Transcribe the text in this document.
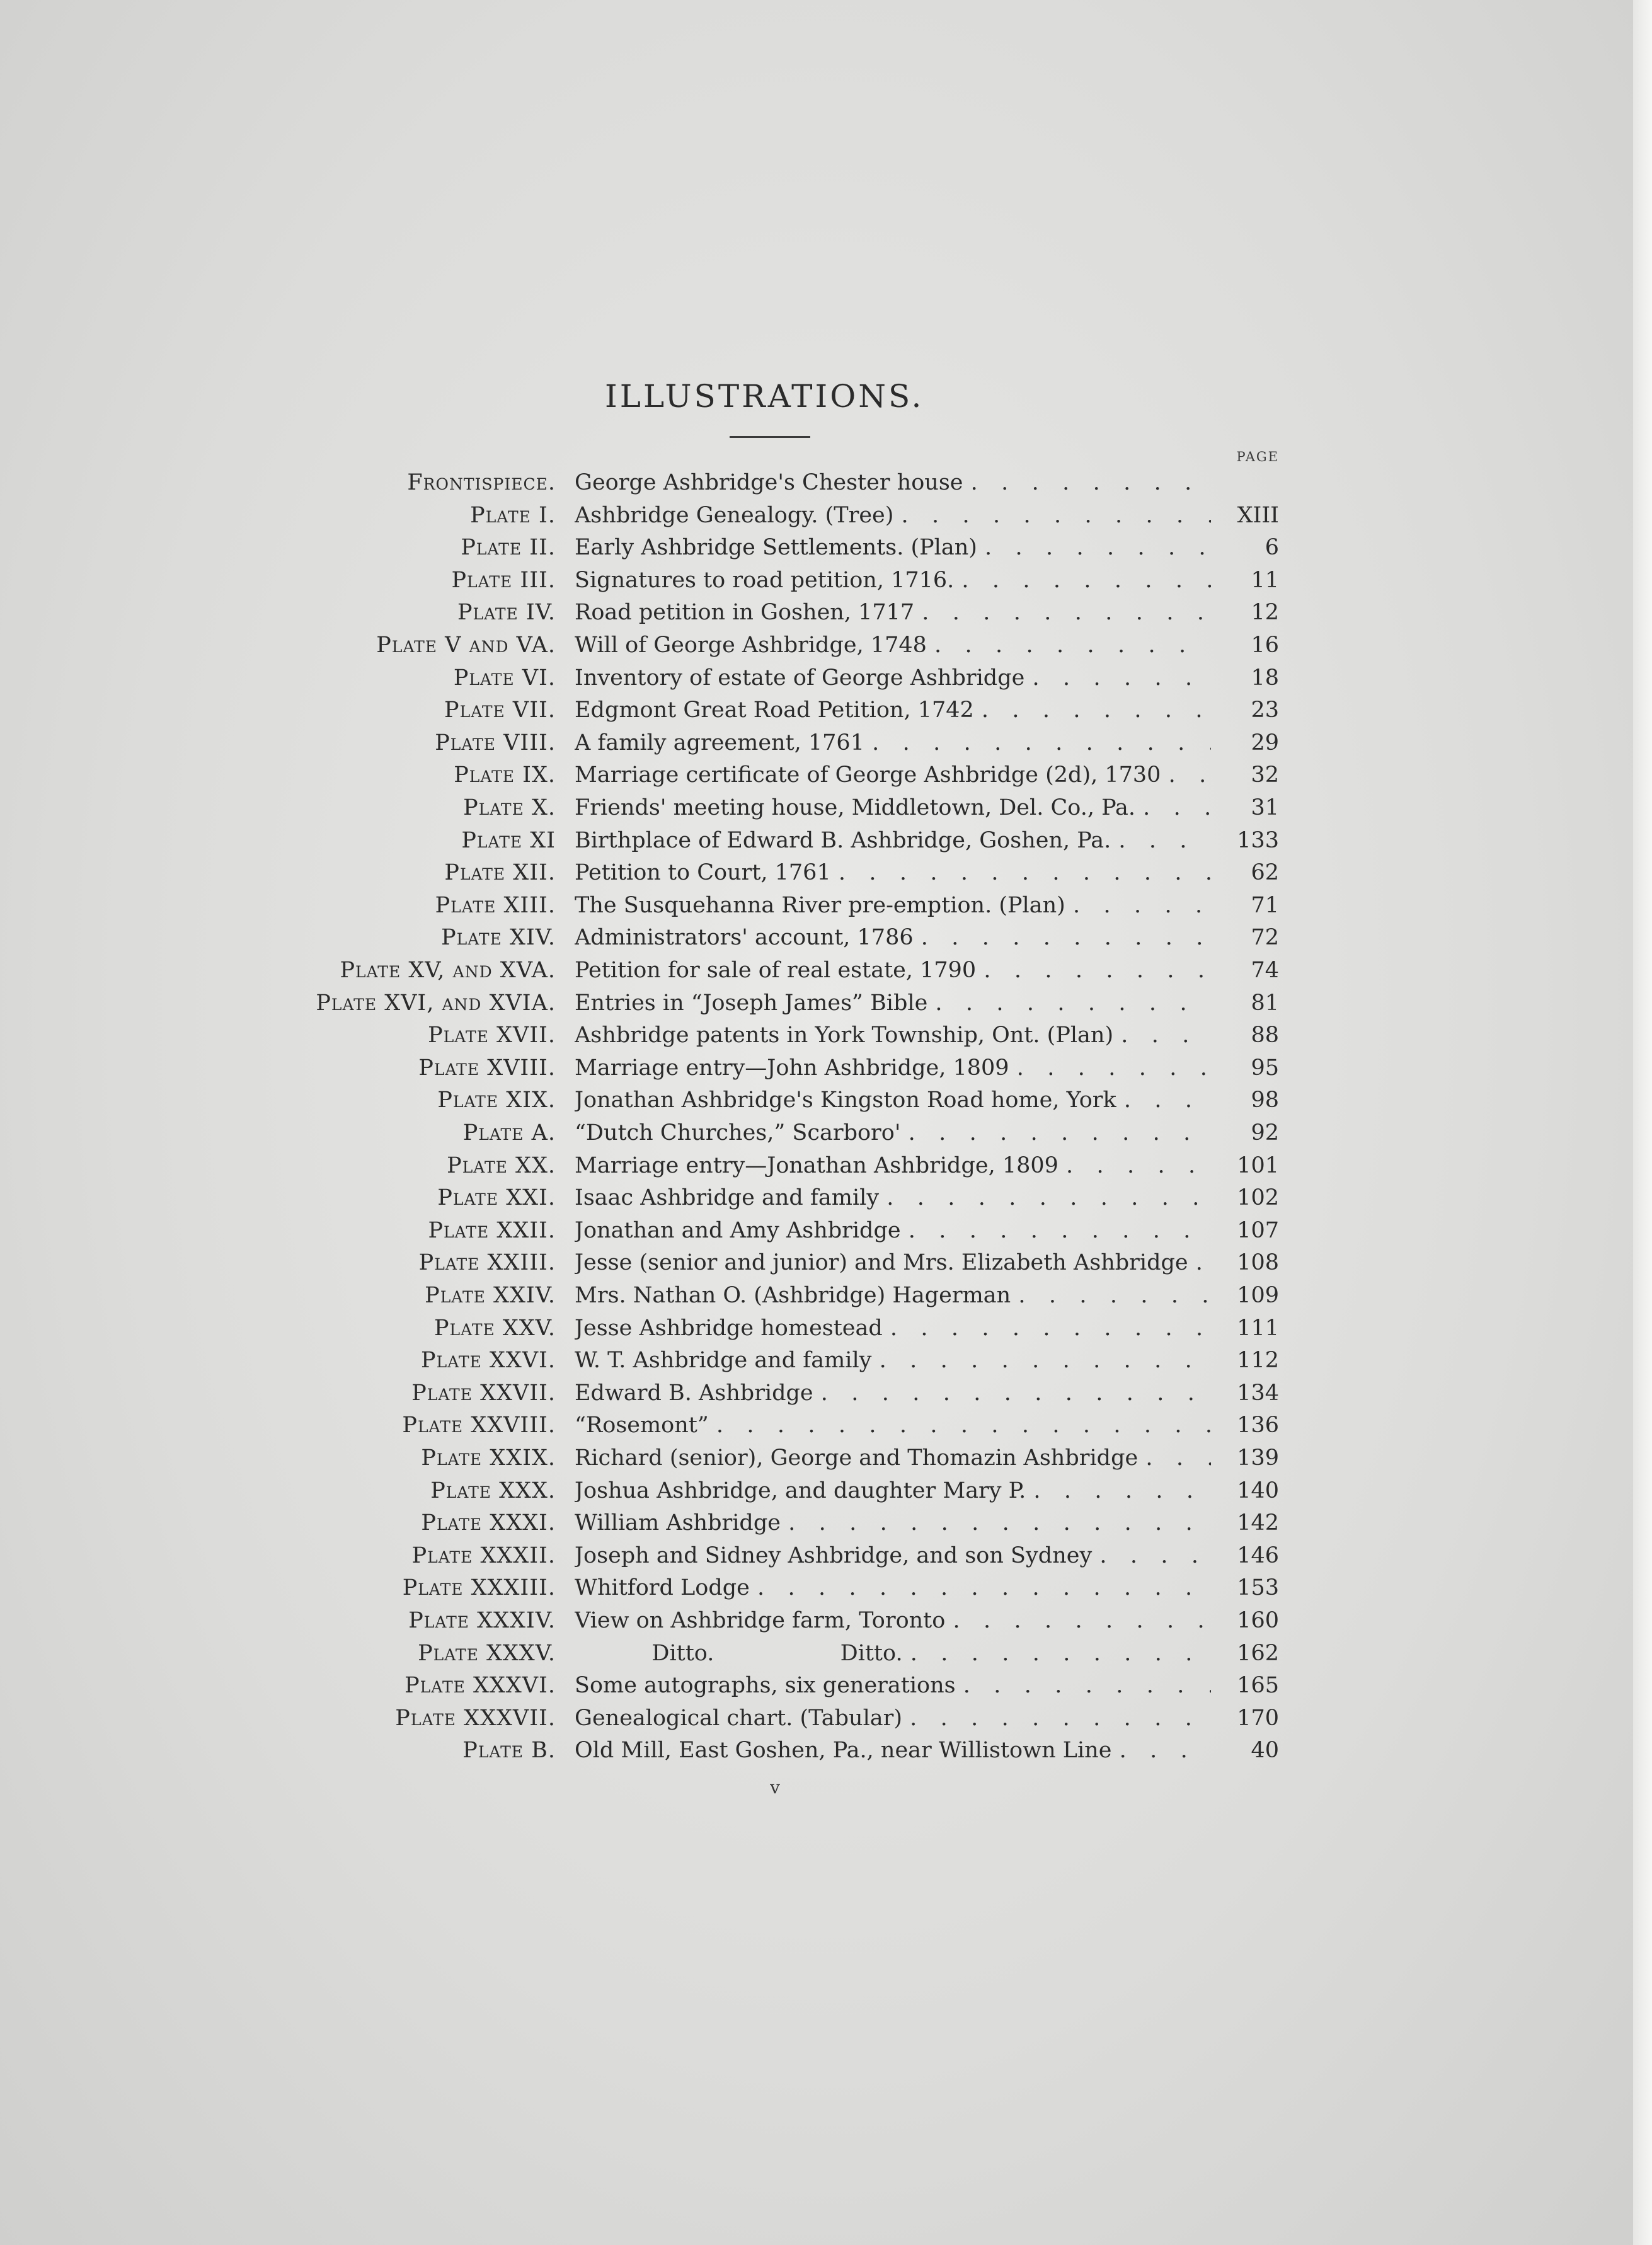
ILLUSTRATIONS.
PAGE
Frontispiece. George Ashbridge's Chester house .   .
Plate I. Ashbridge Genealogy. (Tree) .   .	XIII
Plate II. Early Ashbridge Settlements. (Plan) .   .	6
Plate III. Signatures to road petition, 1716. .   .	11
Plate IV. Road petition in Goshen, 1717 .   .	12
Plate V and VA. Will of George Ashbridge, 1748 .   .	16
Plate VI. Inventory of estate of George Ashbridge .   .	18
Plate VII. Edgmont Great Road Petition, 1742 .   .	23
Plate VIII. A family agreement, 1761 .   .	29
Plate IX. Marriage certificate of George Ashbridge (2d), 1730 .   .	32
Plate X. Friends' meeting house, Middletown, Del. Co., Pa. .   .	31
Plate XI Birthplace of Edward B. Ashbridge, Goshen, Pa. .   .	133
Plate XII. Petition to Court, 1761 .   .	62
Plate XIII. The Susquehanna River pre-emption. (Plan) .   .	71
Plate XIV. Administrators' account, 1786 .   .	72
Plate XV, and XVA. Petition for sale of real estate, 1790 .   .	74
Plate XVI, and XVIA. Entries in “Joseph James” Bible .   .	81
Plate XVII. Ashbridge patents in York Township, Ont. (Plan) .   .	88
Plate XVIII. Marriage entry—John Ashbridge, 1809 .   .	95
Plate XIX. Jonathan Ashbridge's Kingston Road home, York .   .	98
Plate A. “Dutch Churches,” Scarboro' .   .	92
Plate XX. Marriage entry—Jonathan Ashbridge, 1809 .   .	101
Plate XXI. Isaac Ashbridge and family .   .	102
Plate XXII. Jonathan and Amy Ashbridge .   .	107
Plate XXIII. Jesse (senior and junior) and Mrs. Elizabeth Ashbridge .   .	108
Plate XXIV. Mrs. Nathan O. (Ashbridge) Hagerman .   .	109
Plate XXV. Jesse Ashbridge homestead .   .	111
Plate XXVI. W. T. Ashbridge and family .   .	112
Plate XXVII. Edward B. Ashbridge .   .	134
Plate XXVIII. “Rosemont” .   .	136
Plate XXIX. Richard (senior), George and Thomazin Ashbridge .   .	139
Plate XXX. Joshua Ashbridge, and daughter Mary P. .   .	140
Plate XXXI. William Ashbridge .   .	142
Plate XXXII. Joseph and Sidney Ashbridge, and son Sydney .   .	146
Plate XXXIII. Whitford Lodge .   .	153
Plate XXXIV. View on Ashbridge farm, Toronto .   .	160
Plate XXXV. Ditto.                  Ditto. .   .	162
Plate XXXVI. Some autographs, six generations .   .	165
Plate XXXVII. Genealogical chart. (Tabular) .   .	170
Plate B. Old Mill, East Goshen, Pa., near Willistown Line .   .	40
v
